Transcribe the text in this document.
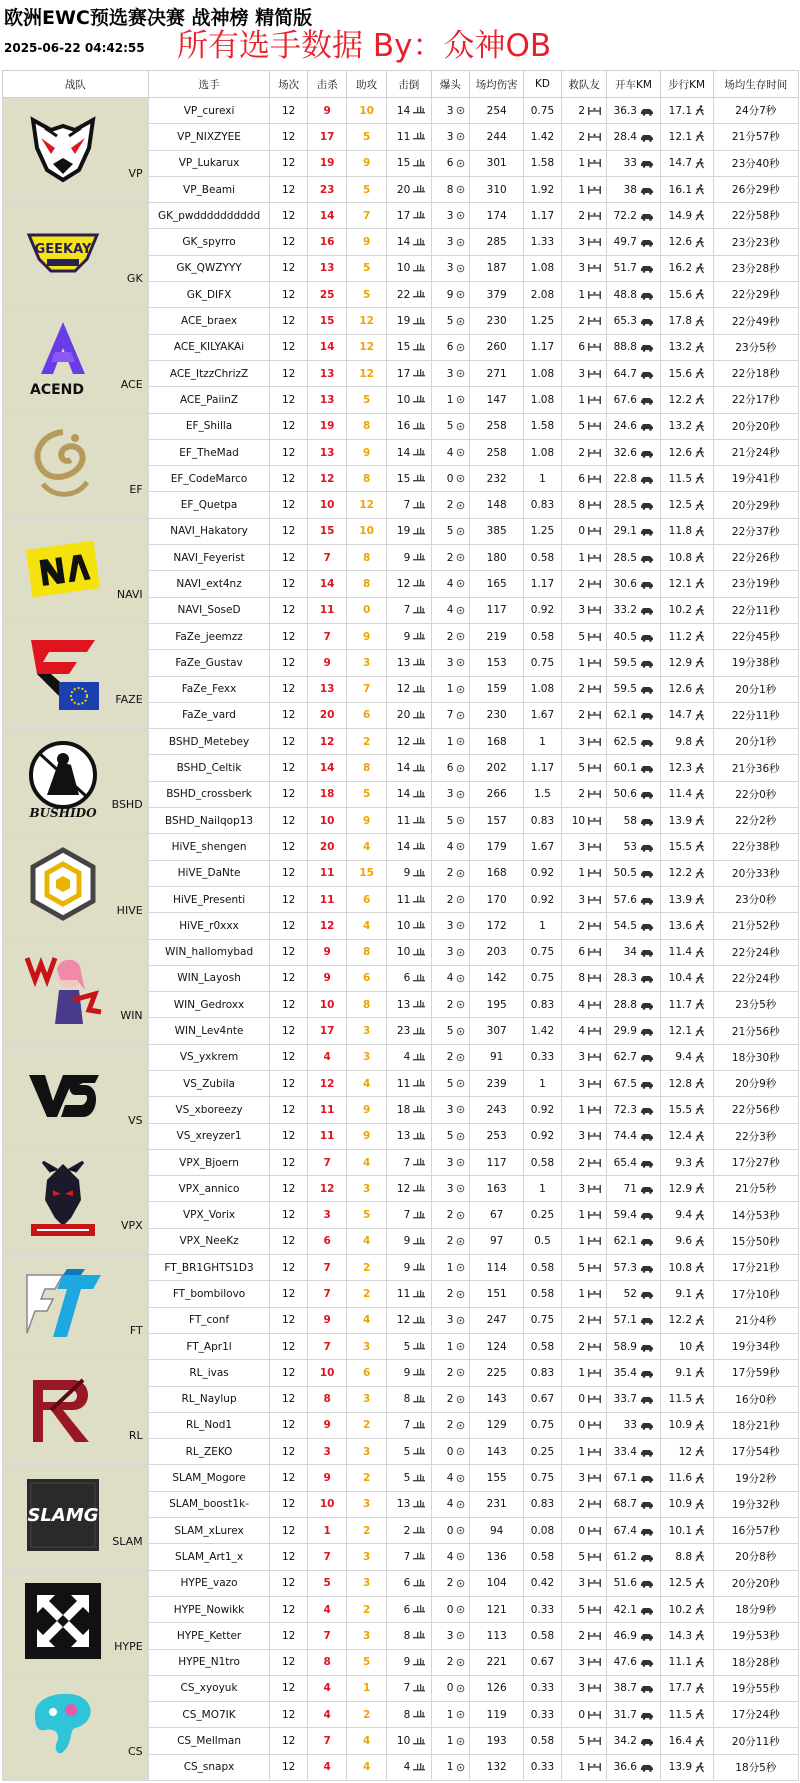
欧洲EWC预选赛决赛 战神榜 精简版
2025-06-22 04:42:55 所有选手数据 By：众神OB
战队	选手	场次	击杀	助攻	击倒	爆头	场均伤害	KD	救队友	开车KM	步行KM	场均生存时间

VP	VP_curexi	12	9	10	14	3	254	0.75	2	36.3	17.1	24分7秒
	VP_NIXZYEE	12	17	5	11	3	244	1.42	2	28.4	12.1	21分57秒
	VP_Lukarux	12	19	9	15	6	301	1.58	1	33	14.7	23分40秒
	VP_Beami	12	23	5	20	8	310	1.92	1	38	16.1	26分29秒

GEEKAY
GK	GK_pwdddddddddd	12	14	7	17	3	174	1.17	2	72.2	14.9	22分58秒
	GK_spyrro	12	16	9	14	3	285	1.33	3	49.7	12.6	23分23秒
	GK_QWZYYY	12	13	5	10	3	187	1.08	3	51.7	16.2	23分28秒
	GK_DIFX	12	25	5	22	9	379	2.08	1	48.8	15.6	22分29秒

ACEND ACE	ACE_braex	12	15	12	19	5	230	1.25	2	65.3	17.8	22分49秒
	ACE_KILYAKAi	12	14	12	15	6	260	1.17	6	88.8	13.2	23分5秒
	ACE_ItzzChrizZ	12	13	12	17	3	271	1.08	3	64.7	15.6	22分18秒
	ACE_PaiinZ	12	13	5	10	1	147	1.08	1	67.6	12.2	22分17秒

EF	EF_Shilla	12	19	8	16	5	258	1.58	5	24.6	13.2	20分20秒
	EF_TheMad	12	13	9	14	4	258	1.08	2	32.6	12.6	21分24秒
	EF_CodeMarco	12	12	8	15	0	232	1	6	22.8	11.5	19分41秒
	EF_Quetpa	12	10	12	7	2	148	0.83	8	28.5	12.5	20分29秒

NAVI	NAVI_Hakatory	12	15	10	19	5	385	1.25	0	29.1	11.8	22分37秒
	NAVI_Feyerist	12	7	8	9	2	180	0.58	1	28.5	10.8	22分26秒
	NAVI_ext4nz	12	14	8	12	4	165	1.17	2	30.6	12.1	23分19秒
	NAVI_SoseD	12	11	0	7	4	117	0.92	3	33.2	10.2	22分11秒

FAZE	FaZe_jeemzz	12	7	9	9	2	219	0.58	5	40.5	11.2	22分45秒
	FaZe_Gustav	12	9	3	13	3	153	0.75	1	59.5	12.9	19分38秒
	FaZe_Fexx	12	13	7	12	1	159	1.08	2	59.5	12.6	20分1秒
	FaZe_vard	12	20	6	20	7	230	1.67	2	62.1	14.7	22分11秒

BUSHIDO
BSHD	BSHD_Metebey	12	12	2	12	1	168	1	3	62.5	9.8	20分1秒
	BSHD_Celtik	12	14	8	14	6	202	1.17	5	60.1	12.3	21分36秒
	BSHD_crossberk	12	18	5	14	3	266	1.5	2	50.6	11.4	22分0秒
	BSHD_Nailqop13	12	10	9	11	5	157	0.83	10	58	13.9	22分2秒

HIVE	HiVE_shengen	12	20	4	14	4	179	1.67	3	53	15.5	22分38秒
	HiVE_DaNte	12	11	15	9	2	168	0.92	1	50.5	12.2	20分33秒
	HiVE_Presenti	12	11	6	11	2	170	0.92	3	57.6	13.9	23分0秒
	HiVE_r0xxx	12	12	4	10	3	172	1	2	54.5	13.6	21分52秒

WIN	WIN_hallomybad	12	9	8	10	3	203	0.75	6	34	11.4	22分24秒
	WIN_Layosh	12	9	6	6	4	142	0.75	8	28.3	10.4	22分24秒
	WIN_Gedroxx	12	10	8	13	2	195	0.83	4	28.8	11.7	23分5秒
	WIN_Lev4nte	12	17	3	23	5	307	1.42	4	29.9	12.1	21分56秒

VS	VS_yxkrem	12	4	3	4	2	91	0.33	3	62.7	9.4	18分30秒
	VS_Zubila	12	12	4	11	5	239	1	3	67.5	12.8	20分9秒
	VS_xboreezy	12	11	9	18	3	243	0.92	1	72.3	15.5	22分56秒
	VS_xreyzer1	12	11	9	13	5	253	0.92	3	74.4	12.4	22分3秒

VPX	VPX_Bjoern	12	7	4	7	3	117	0.58	2	65.4	9.3	17分27秒
	VPX_annico	12	12	3	12	3	163	1	3	71	12.9	21分5秒
	VPX_Vorix	12	3	5	7	2	67	0.25	1	59.4	9.4	14分53秒
	VPX_NeeKz	12	6	4	9	2	97	0.5	1	62.1	9.6	15分50秒

FT	FT_BR1GHTS1D3	12	7	2	9	1	114	0.58	5	57.3	10.8	17分21秒
	FT_bombilovo	12	7	2	11	2	151	0.58	1	52	9.1	17分10秒
	FT_conf	12	9	4	12	3	247	0.75	2	57.1	12.2	21分4秒
	FT_Apr1l	12	7	3	5	1	124	0.58	2	58.9	10	19分34秒

RL	RL_ivas	12	10	6	9	2	225	0.83	1	35.4	9.1	17分59秒
	RL_Naylup	12	8	3	8	2	143	0.67	0	33.7	11.5	16分0秒
	RL_Nod1	12	9	2	7	2	129	0.75	0	33	10.9	18分21秒
	RL_ZEKO	12	3	3	5	0	143	0.25	1	33.4	12	17分54秒

SLAMG
SLAM	SLAM_Mogore	12	9	2	5	4	155	0.75	3	67.1	11.6	19分2秒
	SLAM_boost1k-	12	10	3	13	4	231	0.83	2	68.7	10.9	19分32秒
	SLAM_xLurex	12	1	2	2	0	94	0.08	0	67.4	10.1	16分57秒
	SLAM_Art1_x	12	7	3	7	4	136	0.58	5	61.2	8.8	20分8秒

HYPE	HYPE_vazo	12	5	3	6	2	104	0.42	3	51.6	12.5	20分20秒
	HYPE_Nowikk	12	4	2	6	0	121	0.33	5	42.1	10.2	18分9秒
	HYPE_Ketter	12	7	3	8	3	113	0.58	2	46.9	14.3	19分53秒
	HYPE_N1tro	12	8	5	9	2	221	0.67	3	47.6	11.1	18分28秒

CS	CS_xyoyuk	12	4	1	7	0	126	0.33	3	38.7	17.7	19分55秒
	CS_MO7IK	12	4	2	8	1	119	0.33	0	31.7	11.5	17分24秒
	CS_Mellman	12	7	4	10	1	193	0.58	5	34.2	16.4	20分11秒
	CS_snapx	12	4	4	4	1	132	0.33	1	36.6	13.9	18分5秒
